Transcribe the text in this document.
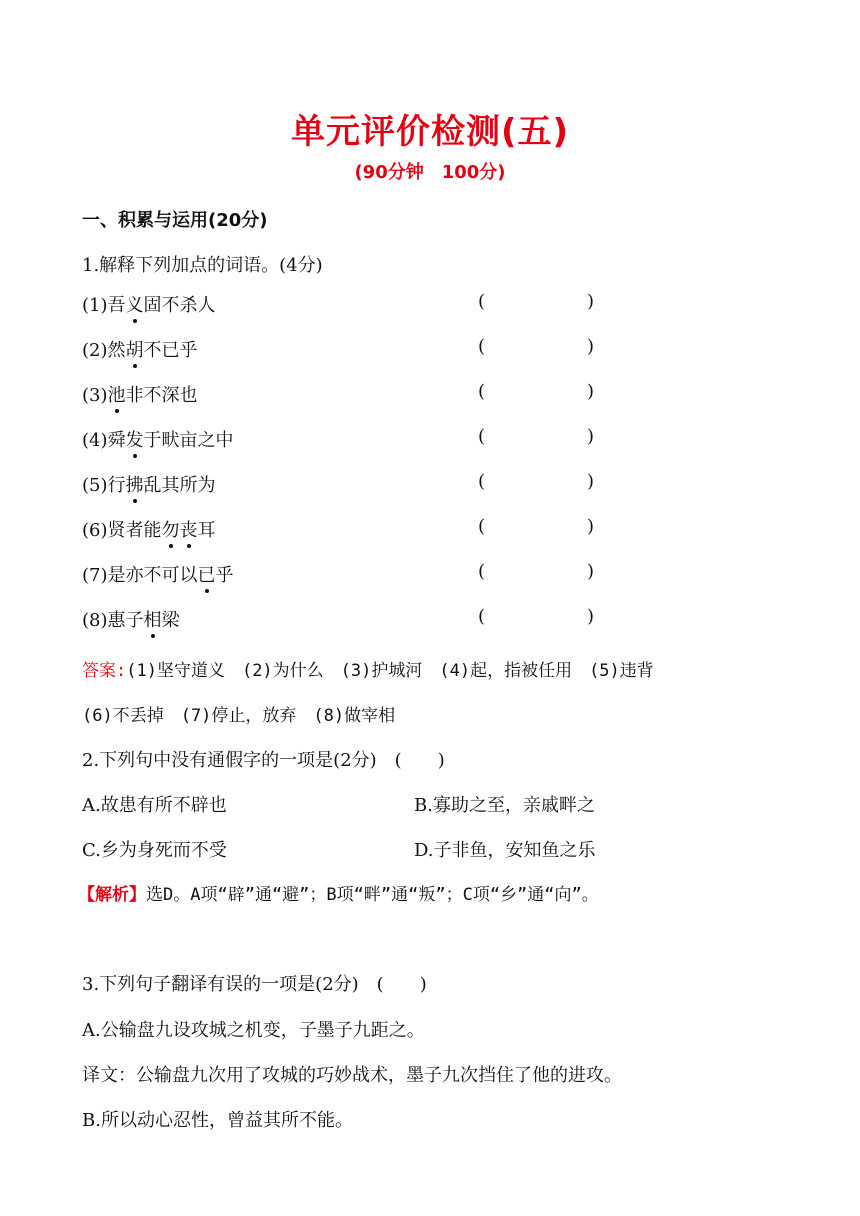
单元评价检测(五)
(90分钟　100分)
一、积累与运用(20分)
1.解释下列加点的词语。(4分)
(1)吾义固不杀人	(	)
(2)然胡不已乎	(	)
(3)池非不深也	(	)
(4)舜发于畎亩之中	(	)
(5)行拂乱其所为	(	)
(6)贤者能勿丧耳	(	)
(7)是亦不可以已乎	(	)
(8)惠子相梁	(	)
答案:(1)坚守道义　(2)为什么　(3)护城河　(4)起，指被任用　(5)违背
(6)不丢掉　(7)停止，放弃　(8)做宰相
2.下列句中没有通假字的一项是(2分)　(　　)
A.故患有所不辟也	B.寡助之至，亲戚畔之
C.乡为身死而不受	D.子非鱼，安知鱼之乐
【解析】选D。A项“辟”通“避”；B项“畔”通“叛”；C项“乡”通“向”。
3.下列句子翻译有误的一项是(2分)　(　　)
A.公输盘九设攻城之机变，子墨子九距之。
译文：公输盘九次用了攻城的巧妙战术，墨子九次挡住了他的进攻。
B.所以动心忍性，曾益其所不能。
